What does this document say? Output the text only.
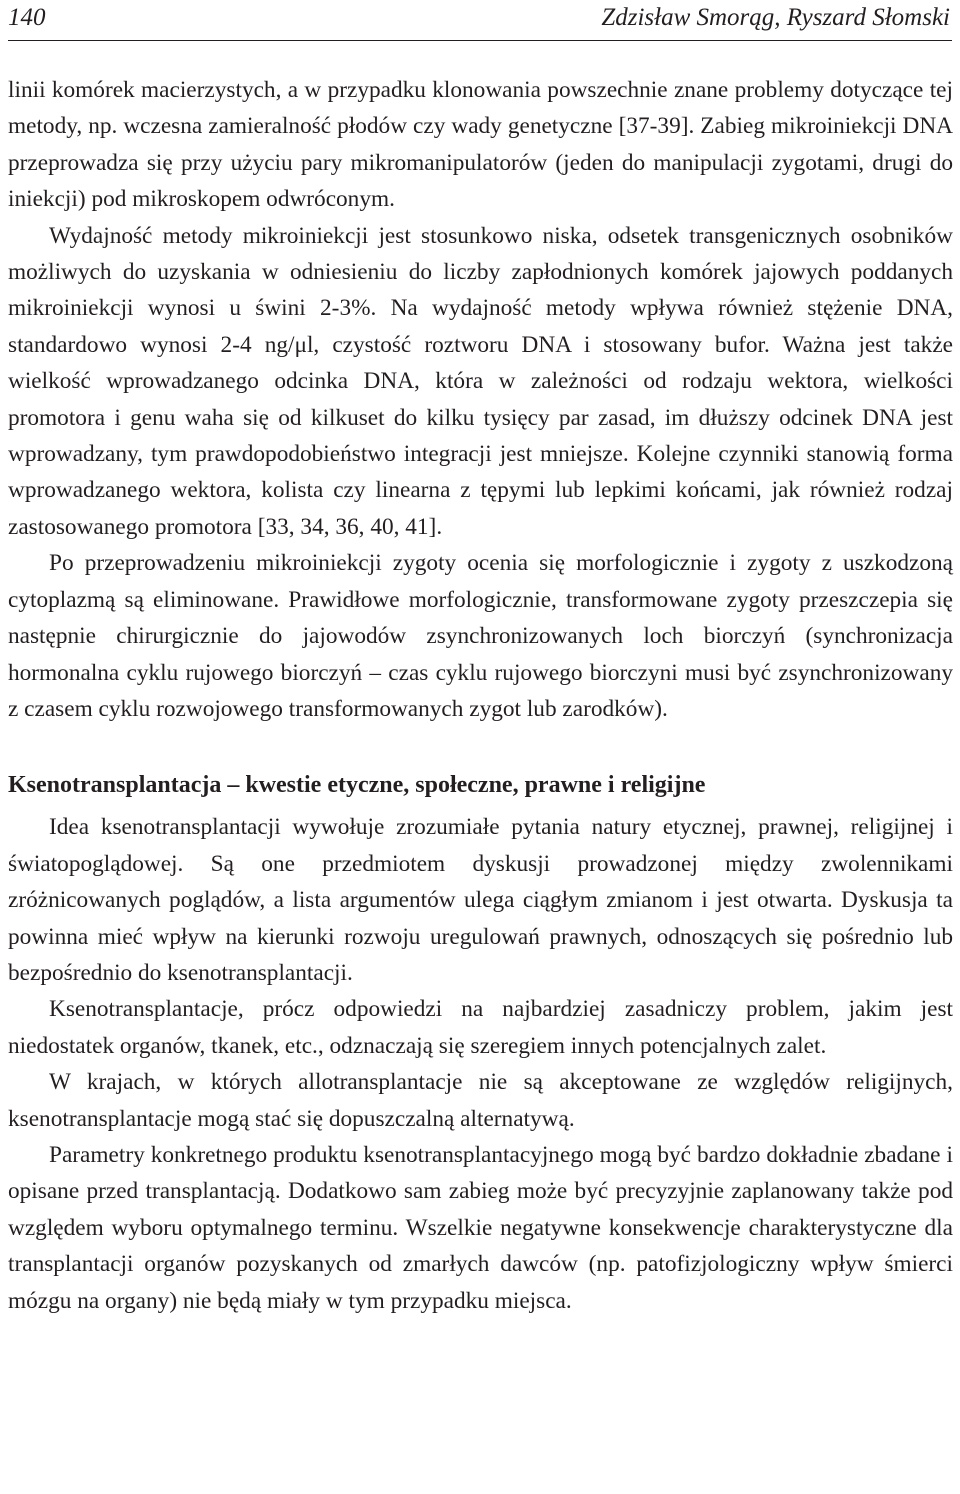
140	Zdzisław Smorąg, Ryszard Słomski

linii komórek macierzystych, a w przypadku klonowania powszechnie znane problemy dotyczące tej metody, np. wczesna zamieralność płodów czy wady genetyczne [37-39]. Zabieg mikroiniekcji DNA przeprowadza się przy użyciu pary mikromanipulatorów (jeden do manipulacji zygotami, drugi do iniekcji) pod mikroskopem odwróconym.

Wydajność metody mikroiniekcji jest stosunkowo niska, odsetek transgenicznych osobników możliwych do uzyskania w odniesieniu do liczby zapłodnionych komórek jajowych poddanych mikroiniekcji wynosi u świni 2-3%. Na wydajność metody wpływa również stężenie DNA, standardowo wynosi 2-4 ng/μl, czystość roztworu DNA i stosowany bufor. Ważna jest także wielkość wprowadzanego odcinka DNA, która w zależności od rodzaju wektora, wielkości promotora i genu waha się od kilkuset do kilku tysięcy par zasad, im dłuższy odcinek DNA jest wprowadzany, tym prawdopodobieństwo integracji jest mniejsze. Kolejne czynniki stanowią forma wprowadzanego wektora, kolista czy linearna z tępymi lub lepkimi końcami, jak również rodzaj zastosowanego promotora [33, 34, 36, 40, 41].

Po przeprowadzeniu mikroiniekcji zygoty ocenia się morfologicznie i zygoty z uszkodzoną cytoplazmą są eliminowane. Prawidłowe morfologicznie, transformowane zygoty przeszczepia się następnie chirurgicznie do jajowodów zsynchronizowanych loch biorczyń (synchronizacja hormonalna cyklu rujowego biorczyń – czas cyklu rujowego biorczyni musi być zsynchronizowany z czasem cyklu rozwojowego transformowanych zygot lub zarodków).

Ksenotransplantacja – kwestie etyczne, społeczne, prawne i religijne

Idea ksenotransplantacji wywołuje zrozumiałe pytania natury etycznej, prawnej, religijnej i światopoglądowej. Są one przedmiotem dyskusji prowadzonej między zwolennikami zróżnicowanych poglądów, a lista argumentów ulega ciągłym zmianom i jest otwarta. Dyskusja ta powinna mieć wpływ na kierunki rozwoju uregulowań prawnych, odnoszących się pośrednio lub bezpośrednio do ksenotransplantacji.

Ksenotransplantacje, prócz odpowiedzi na najbardziej zasadniczy problem, jakim jest niedostatek organów, tkanek, etc., odznaczają się szeregiem innych potencjalnych zalet.

W krajach, w których allotransplantacje nie są akceptowane ze względów religijnych, ksenotransplantacje mogą stać się dopuszczalną alternatywą.

Parametry konkretnego produktu ksenotransplantacyjnego mogą być bardzo dokładnie zbadane i opisane przed transplantacją. Dodatkowo sam zabieg może być precyzyjnie zaplanowany także pod względem wyboru optymalnego terminu. Wszelkie negatywne konsekwencje charakterystyczne dla transplantacji organów pozyskanych od zmarłych dawców (np. patofizjologiczny wpływ śmierci mózgu na organy) nie będą miały w tym przypadku miejsca.
